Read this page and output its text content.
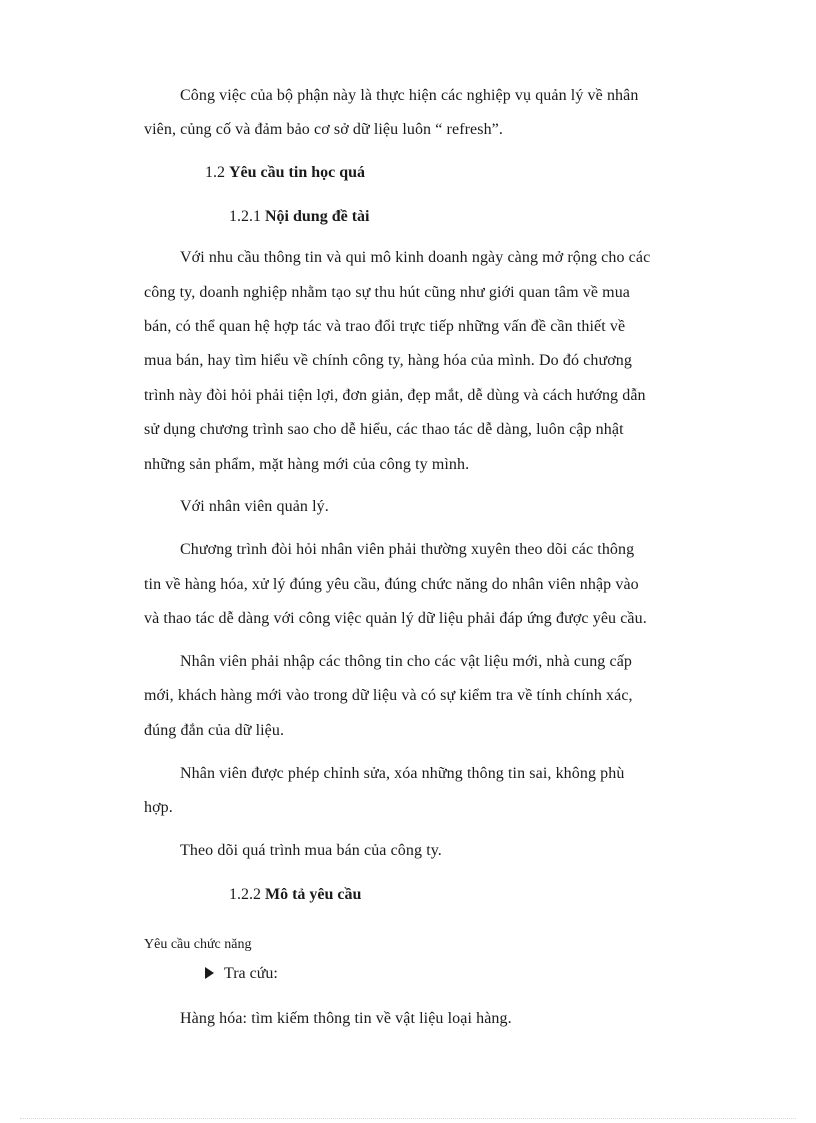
Công việc của bộ phận này là thực hiện các nghiệp vụ quản lý về nhân
viên, củng cố và đảm bảo cơ sở dữ liệu luôn “ refresh”.
1.2 Yêu cầu tin học quá
1.2.1 Nội dung đề tài
Với nhu cầu thông tin và qui mô kinh doanh ngày càng mở rộng cho các
công ty, doanh nghiệp nhằm tạo sự thu hút cũng như giới quan tâm về mua
bán, có thể quan hệ hợp tác và trao đổi trực tiếp những vấn đề cần thiết về
mua bán, hay tìm hiểu về chính công ty, hàng hóa của mình. Do đó chương
trình này đòi hỏi phải tiện lợi, đơn giản, đẹp mắt, dễ dùng và cách hướng dẫn
sử dụng chương trình sao cho dễ hiểu, các thao tác dễ dàng, luôn cập nhật
những sản phẩm, mặt hàng mới của công ty mình.
Với nhân viên quản lý.
Chương trình đòi hỏi nhân viên phải thường xuyên theo dõi các thông
tin về hàng hóa, xử lý đúng yêu cầu, đúng chức năng do nhân viên nhập vào
và thao tác dễ dàng với công việc quản lý dữ liệu phải đáp ứng được yêu cầu.
Nhân viên phải nhập các thông tin cho các vật liệu mới, nhà cung cấp
mới, khách hàng mới vào trong dữ liệu và có sự kiểm tra về tính chính xác,
đúng đắn của dữ liệu.
Nhân viên được phép chỉnh sửa, xóa những thông tin sai, không phù
hợp.
Theo dõi quá trình mua bán của công ty.
1.2.2 Mô tả yêu cầu
Yêu cầu chức năng
Tra cứu:
Hàng hóa: tìm kiếm thông tin về vật liệu loại hàng.
